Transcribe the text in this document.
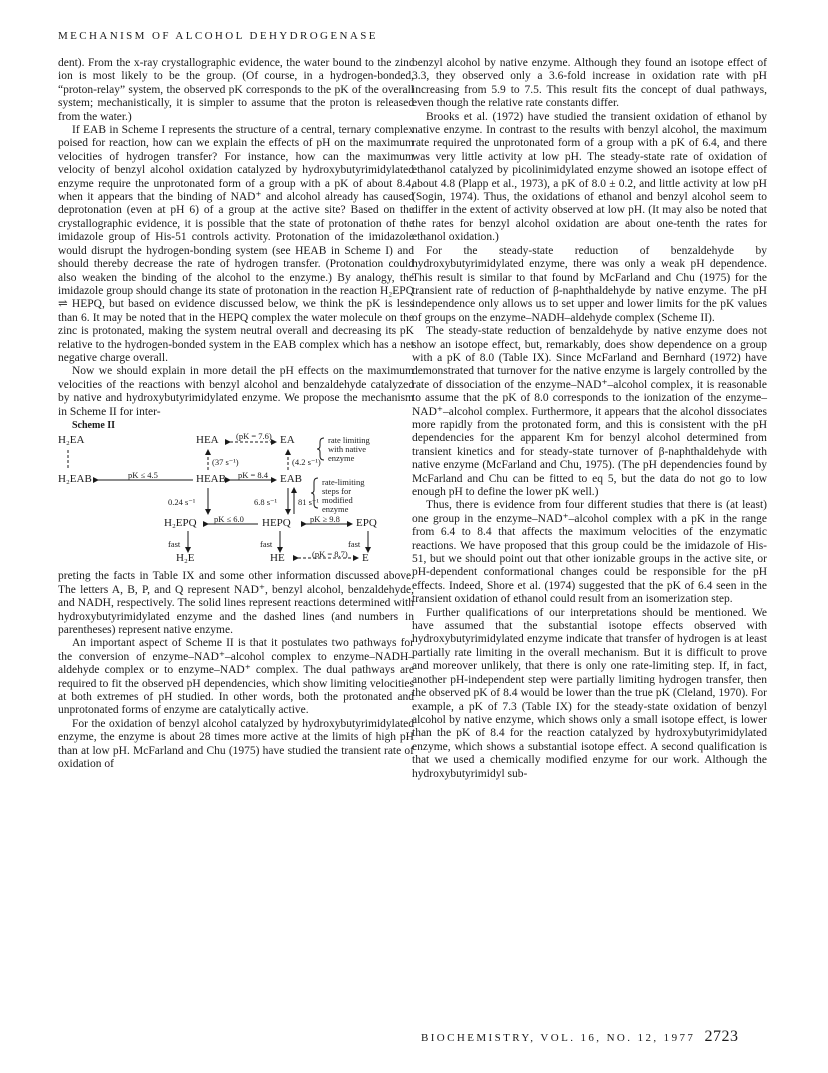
MECHANISM OF ALCOHOL DEHYDROGENASE

dent). From the x-ray crystallographic evidence, the water bound to the zinc ion is most likely to be the group. (Of course, in a hydrogen-bonded, “proton-relay” system, the observed pK corresponds to the pK of the overall system; mechanistically, it is simpler to assume that the proton is released from the water.)

If EAB in Scheme I represents the structure of a central, ternary complex poised for reaction, how can we explain the effects of pH on the maximum velocities of hydrogen transfer? For instance, how can the maximum velocity of benzyl alcohol oxidation catalyzed by hydroxybutyrimidylated enzyme require the unprotonated form of a group with a pK of about 8.4, when it appears that the binding of NAD⁺ and alcohol already has caused deprotonation (even at pH 6) of a group at the active site? Based on the crystallographic evidence, it is possible that the state of protonation of the imidazole group of His-51 controls activity. Protonation of the imidazole would disrupt the hydrogen-bonding system (see HEAB in Scheme I) and should thereby decrease the rate of hydrogen transfer. (Protonation could also weaken the binding of the alcohol to the enzyme.) By analogy, the imidazole group should change its state of protonation in the reaction H₂EPQ ⇌ HEPQ, but based on evidence discussed below, we think the pK is less than 6. It may be noted that in the HEPQ complex the water molecule on the zinc is protonated, making the system neutral overall and decreasing its pK relative to the hydrogen-bonded system in the EAB complex which has a net negative charge overall.

Now we should explain in more detail the pH effects on the maximum velocities of the reactions with benzyl alcohol and benzaldehyde catalyzed by native and hydroxybutyrimidylated enzyme. We propose the mechanism in Scheme II for inter-

Scheme II

H₂EA	HEA	EA
(pK = 7.6)	rate limiting
with native
enzyme
(37 s⁻¹)	(4.2 s⁻¹)
H₂EAB	HEAB	EAB
pK ≤ 4.5	pK = 8.4
rate-limiting
steps for
modified
enzyme
0.24 s⁻¹	6.8 s⁻¹ 81 s⁻¹
H₂EPQ	HEPQ	EPQ
pK ≤ 6.0	pK ≥ 9.8
fast	fast	fast
H₂E	HE	E
(pK = 8.7)

preting the facts in Table IX and some other information discussed above. The letters A, B, P, and Q represent NAD⁺, benzyl alcohol, benzaldehyde, and NADH, respectively. The solid lines represent reactions determined with hydroxybutyrimidylated enzyme and the dashed lines (and numbers in parentheses) represent native enzyme.

An important aspect of Scheme II is that it postulates two pathways for the conversion of enzyme–NAD⁺–alcohol complex to enzyme–NADH–aldehyde complex or to enzyme–NAD⁺ complex. The dual pathways are required to fit the observed pH dependencies, which show limiting velocities at both extremes of pH studied. In other words, both the protonated and unprotonated forms of enzyme are catalytically active.

For the oxidation of benzyl alcohol catalyzed by hydroxybutyrimidylated enzyme, the enzyme is about 28 times more active at the limits of high pH than at low pH. McFarland and Chu (1975) have studied the transient rate of oxidation of

benzyl alcohol by native enzyme. Although they found an isotope effect of 3.3, they observed only a 3.6-fold increase in oxidation rate with pH increasing from 5.9 to 7.5. This result fits the concept of dual pathways, even though the relative rate constants differ.

Brooks et al. (1972) have studied the transient oxidation of ethanol by native enzyme. In contrast to the results with benzyl alcohol, the maximum rate required the unprotonated form of a group with a pK of 6.4, and there was very little activity at low pH. The steady-state rate of oxidation of ethanol catalyzed by picolinimidylated enzyme showed an isotope effect of about 4.8 (Plapp et al., 1973), a pK of 8.0 ± 0.2, and little activity at low pH (Sogin, 1974). Thus, the oxidations of ethanol and benzyl alcohol seem to differ in the extent of activity observed at low pH. (It may also be noted that the rates for benzyl alcohol oxidation are about one-tenth the rates for ethanol oxidation.)

For the steady-state reduction of benzaldehyde by hydroxybutyrimidylated enzyme, there was only a weak pH dependence. This result is similar to that found by McFarland and Chu (1975) for the transient rate of reduction of β-naphthaldehyde by native enzyme. The pH independence only allows us to set upper and lower limits for the pK values of groups on the enzyme–NADH–aldehyde complex (Scheme II).

The steady-state reduction of benzaldehyde by native enzyme does not show an isotope effect, but, remarkably, does show dependence on a group with a pK of 8.0 (Table IX). Since McFarland and Bernhard (1972) have demonstrated that turnover for the native enzyme is largely controlled by the rate of dissociation of the enzyme–NAD⁺–alcohol complex, it is reasonable to assume that the pK of 8.0 corresponds to the ionization of the enzyme–NAD⁺–alcohol complex. Furthermore, it appears that the alcohol dissociates more rapidly from the protonated form, and this is consistent with the pH dependencies for the apparent Km for benzyl alcohol determined from transient kinetics and for steady-state turnover of β-naphthaldehyde with native enzyme (McFarland and Chu, 1975). (The pH dependencies found by McFarland and Chu can be fitted to eq 5, but the data do not go to low enough pH to define the lower pK well.)

Thus, there is evidence from four different studies that there is (at least) one group in the enzyme–NAD⁺–alcohol complex with a pK in the range from 6.4 to 8.4 that affects the maximum velocities of the enzymatic reactions. We have proposed that this group could be the imidazole of His-51, but we should point out that other ionizable groups in the active site, or pH-dependent conformational changes could be responsible for the pH effects. Indeed, Shore et al. (1974) suggested that the pK of 6.4 seen in the transient oxidation of ethanol could result from an isomerization step.

Further qualifications of our interpretations should be mentioned. We have assumed that the substantial isotope effects observed with hydroxybutyrimidylated enzyme indicate that transfer of hydrogen is at least partially rate limiting in the overall mechanism. But it is difficult to prove and moreover unlikely, that there is only one rate-limiting step. If, in fact, another pH-independent step were partially limiting hydrogen transfer, then the observed pK of 8.4 would be lower than the true pK (Cleland, 1970). For example, a pK of 7.3 (Table IX) for the steady-state oxidation of benzyl alcohol by native enzyme, which shows only a small isotope effect, is lower than the pK of 8.4 for the reaction catalyzed by hydroxybutyrimidylated enzyme, which shows a substantial isotope effect. A second qualification is that we used a chemically modified enzyme for our work. Although the hydroxybutyrimidyl sub-

BIOCHEMISTRY, VOL. 16, NO. 12, 1977 2723
